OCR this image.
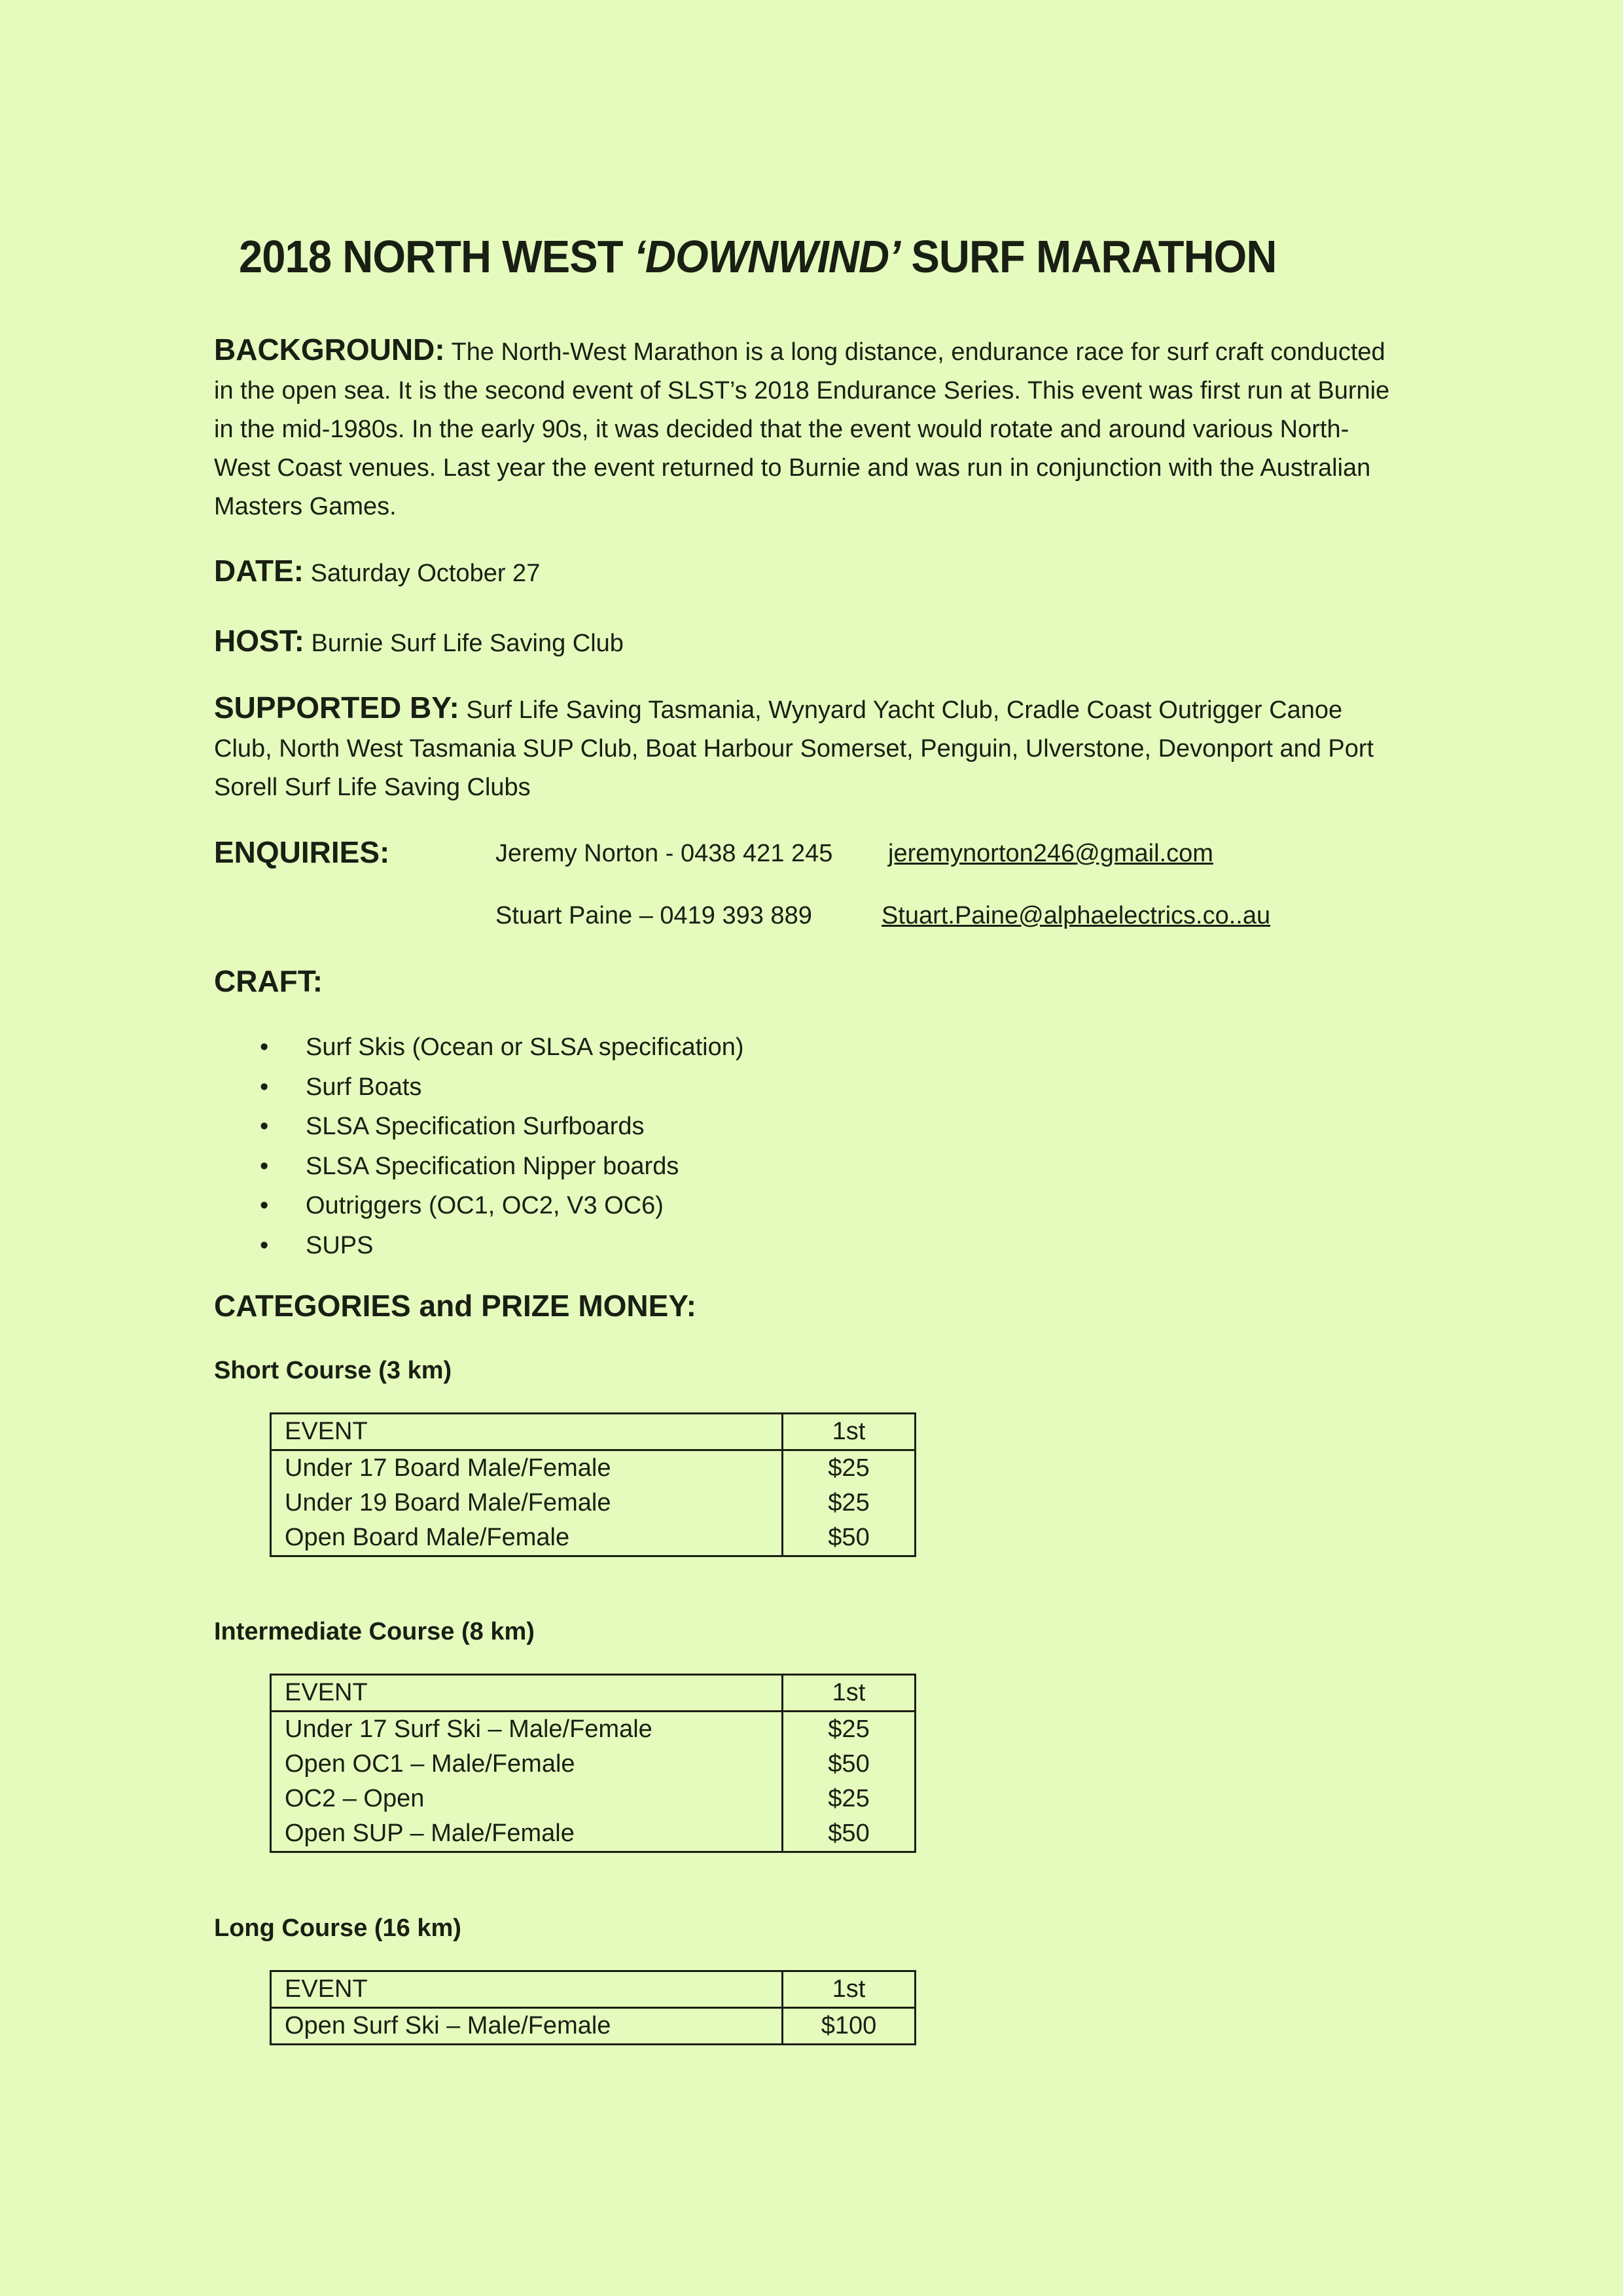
2018 NORTH WEST ‘DOWNWIND’ SURF MARATHON
BACKGROUND: The North-West Marathon is a long distance, endurance race for surf craft conducted in the open sea. It is the second event of SLST’s 2018 Endurance Series. This event was first run at Burnie in the mid-1980s. In the early 90s, it was decided that the event would rotate and around various North-West Coast venues. Last year the event returned to Burnie and was run in conjunction with the Australian Masters Games.
DATE: Saturday October 27
HOST: Burnie Surf Life Saving Club
SUPPORTED BY: Surf Life Saving Tasmania, Wynyard Yacht Club, Cradle Coast Outrigger Canoe Club, North West Tasmania SUP Club, Boat Harbour Somerset, Penguin, Ulverstone, Devonport and Port Sorell Surf Life Saving Clubs
ENQUIRIES:	Jeremy Norton - 0438 421 245 jeremynorton246@gmail.com
Stuart Paine – 0419 393 889	Stuart.Paine@alphaelectrics.co..au
CRAFT:
• Surf Skis (Ocean or SLSA specification)
• Surf Boats
• SLSA Specification Surfboards
• SLSA Specification Nipper boards
• Outriggers (OC1, OC2, V3 OC6)
• SUPS
CATEGORIES and PRIZE MONEY:
Short Course (3 km)
EVENT	1st
Under 17 Board Male/Female	$25
Under 19 Board Male/Female	$25
Open Board Male/Female	$50
Intermediate Course (8 km)
EVENT	1st
Under 17 Surf Ski – Male/Female	$25
Open OC1 – Male/Female	$50
OC2 – Open	$25
Open SUP – Male/Female	$50
Long Course (16 km)
EVENT	1st
Open Surf Ski – Male/Female	$100
